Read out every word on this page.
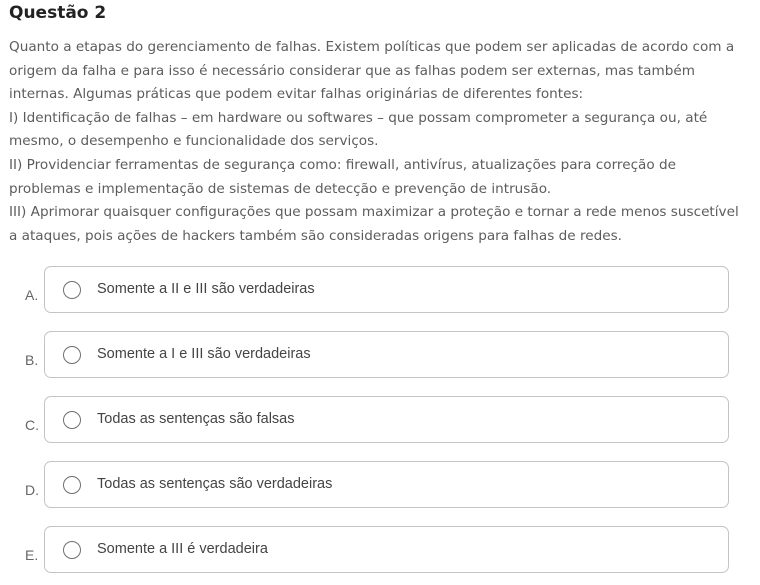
Questão 2
Quanto a etapas do gerenciamento de falhas. Existem políticas que podem ser aplicadas de acordo com a
origem da falha e para isso é necessário considerar que as falhas podem ser externas, mas também
internas. Algumas práticas que podem evitar falhas originárias de diferentes fontes:
I) Identificação de falhas – em hardware ou softwares – que possam comprometer a segurança ou, até
mesmo, o desempenho e funcionalidade dos serviços.
II) Providenciar ferramentas de segurança como: firewall, antivírus, atualizações para correção de
problemas e implementação de sistemas de detecção e prevenção de intrusão.
III) Aprimorar quaisquer configurações que possam maximizar a proteção e tornar a rede menos suscetível
a ataques, pois ações de hackers também são consideradas origens para falhas de redes.
A.	Somente a II e III são verdadeiras
B.	Somente a I e III são verdadeiras
C.	Todas as sentenças são falsas
D.	Todas as sentenças são verdadeiras
E.	Somente a III é verdadeira
